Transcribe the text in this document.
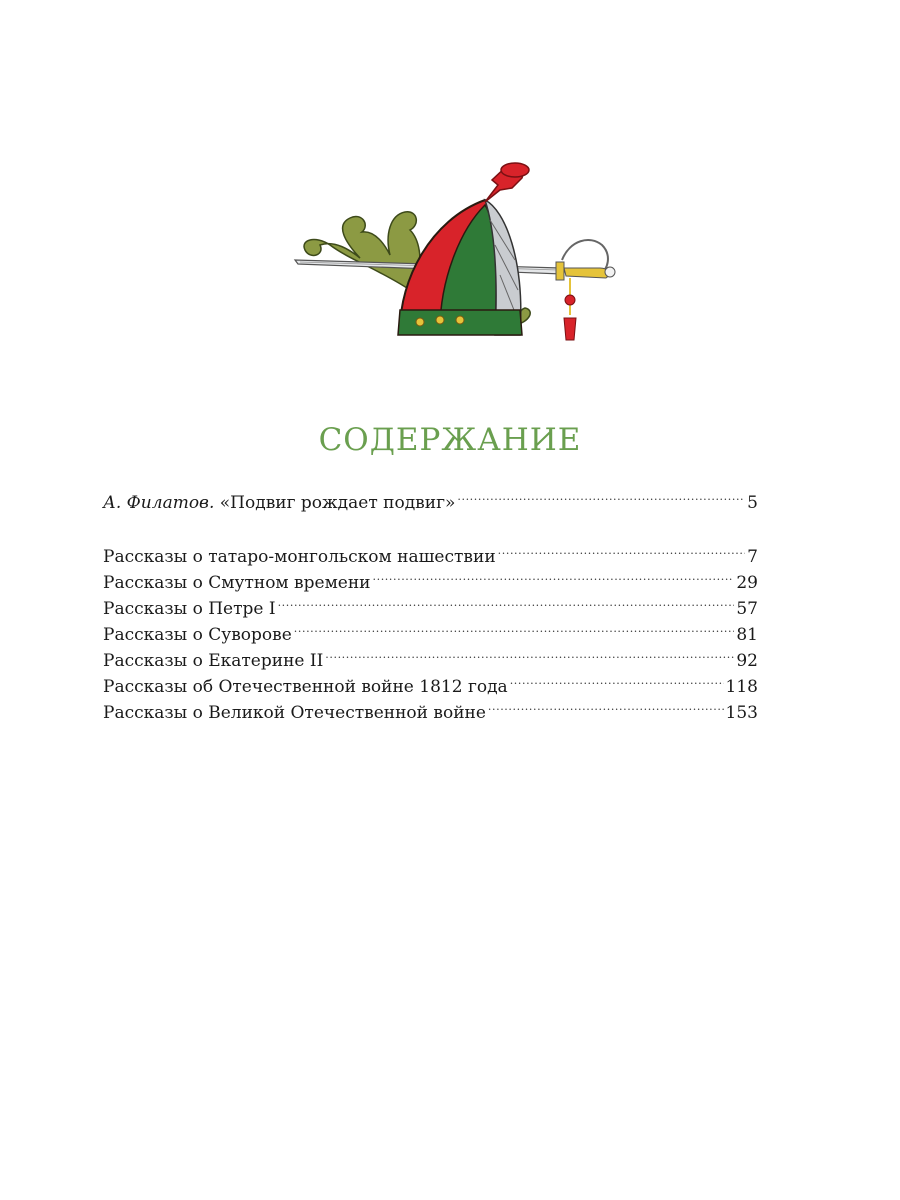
СОДЕРЖАНИЕ
А. Филатов. «Подвиг рождает подвиг» .....	5
Рассказы о татаро-монгольском нашествии .....	7
Рассказы о Смутном времени .....	29
Рассказы о Петре I .....	57
Рассказы о Суворове .....	81
Рассказы о Екатерине II .....	92
Рассказы об Отечественной войне 1812 года .....	118
Рассказы о Великой Отечественной войне .....	153
